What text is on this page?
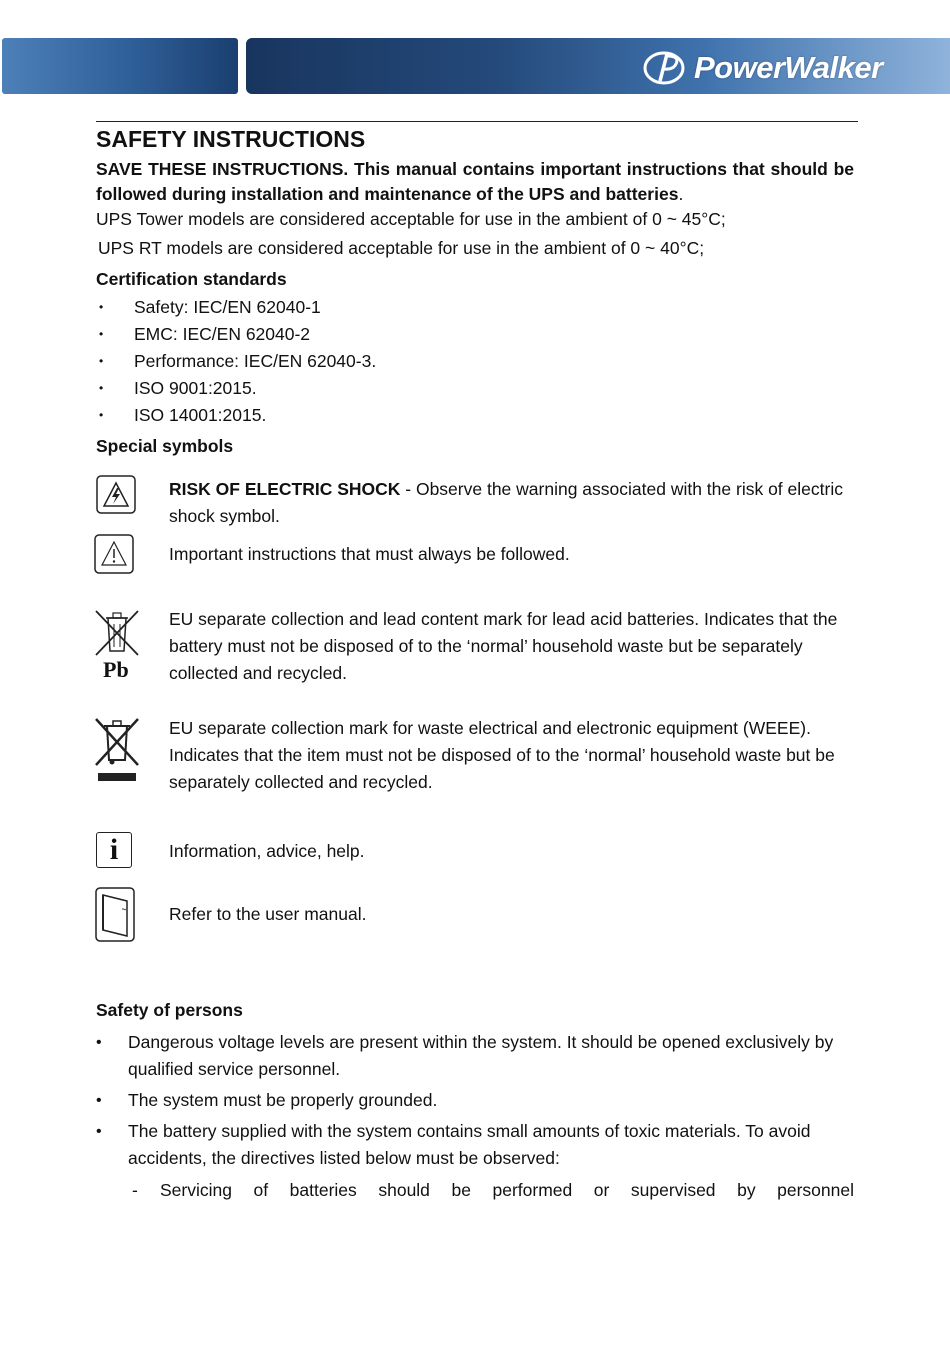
PowerWalker
SAFETY INSTRUCTIONS
SAVE THESE INSTRUCTIONS. This manual contains important instructions that should be followed during installation and maintenance of the UPS and batteries.
UPS Tower models are considered acceptable for use in the ambient of 0 ~ 45°C;
UPS RT models are considered acceptable for use in the ambient of 0 ~ 40°C;
Certification standards
• Safety: IEC/EN 62040-1
• EMC: IEC/EN 62040-2
• Performance: IEC/EN 62040-3.
• ISO 9001:2015.
• ISO 14001:2015.
Special symbols
RISK OF ELECTRIC SHOCK - Observe the warning associated with the risk of electric shock symbol.
Important instructions that must always be followed.
Pb
EU separate collection and lead content mark for lead acid batteries. Indicates that the battery must not be disposed of to the ‘normal’ household waste but be separately collected and recycled.
EU separate collection mark for waste electrical and electronic equipment (WEEE). Indicates that the item must not be disposed of to the ‘normal’ household waste but be separately collected and recycled.
i	Information, advice, help.
Refer to the user manual.
Safety of persons
• Dangerous voltage levels are present within the system. It should be opened exclusively by qualified service personnel.
• The system must be properly grounded.
• The battery supplied with the system contains small amounts of toxic materials. To avoid accidents, the directives listed below must be observed:
- Servicing of batteries should be performed or supervised by personnel
